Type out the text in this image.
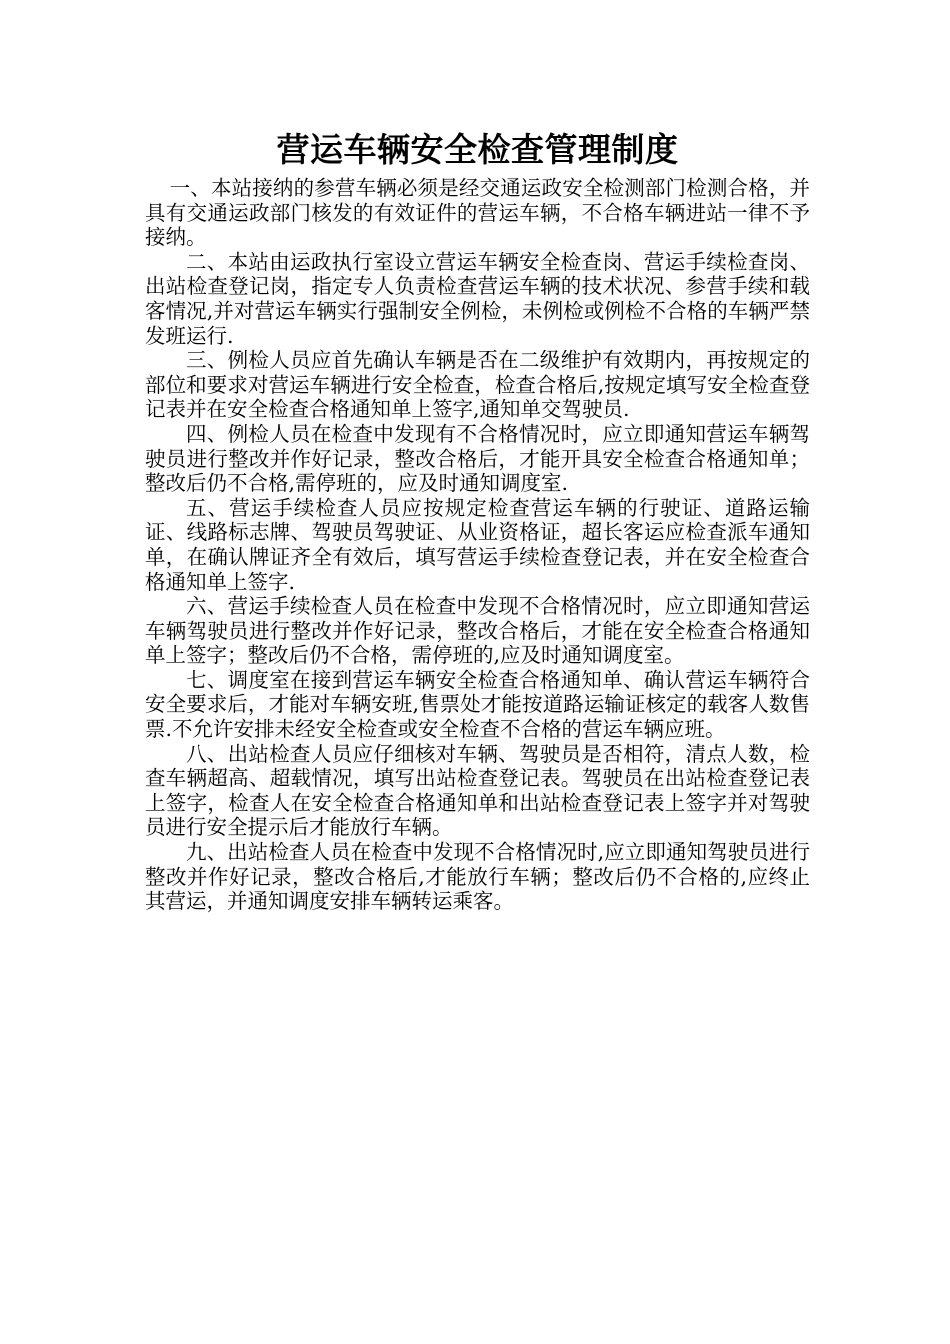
营运车辆安全检查管理制度

一、本站接纳的参营车辆必须是经交通运政安全检测部门检测合格，并具有交通运政部门核发的有效证件的营运车辆，不合格车辆进站一律不予接纳。

二、本站由运政执行室设立营运车辆安全检查岗、营运手续检查岗、出站检查登记岗，指定专人负责检查营运车辆的技术状况、参营手续和载客情况,并对营运车辆实行强制安全例检，未例检或例检不合格的车辆严禁发班运行.

三、例检人员应首先确认车辆是否在二级维护有效期内，再按规定的部位和要求对营运车辆进行安全检查，检查合格后,按规定填写安全检查登记表并在安全检查合格通知单上签字,通知单交驾驶员.

四、例检人员在检查中发现有不合格情况时，应立即通知营运车辆驾驶员进行整改并作好记录，整改合格后，才能开具安全检查合格通知单；整改后仍不合格,需停班的，应及时通知调度室.

五、营运手续检查人员应按规定检查营运车辆的行驶证、道路运输证、线路标志牌、驾驶员驾驶证、从业资格证，超长客运应检查派车通知单，在确认牌证齐全有效后，填写营运手续检查登记表，并在安全检查合格通知单上签字.

六、营运手续检查人员在检查中发现不合格情况时，应立即通知营运车辆驾驶员进行整改并作好记录，整改合格后，才能在安全检查合格通知单上签字；整改后仍不合格，需停班的,应及时通知调度室。

七、调度室在接到营运车辆安全检查合格通知单、确认营运车辆符合安全要求后，才能对车辆安班,售票处才能按道路运输证核定的载客人数售票.不允许安排未经安全检查或安全检查不合格的营运车辆应班。

八、出站检查人员应仔细核对车辆、驾驶员是否相符，清点人数，检查车辆超高、超载情况，填写出站检查登记表。驾驶员在出站检查登记表上签字，检查人在安全检查合格通知单和出站检查登记表上签字并对驾驶员进行安全提示后才能放行车辆。

九、出站检查人员在检查中发现不合格情况时,应立即通知驾驶员进行整改并作好记录，整改合格后,才能放行车辆；整改后仍不合格的,应终止其营运，并通知调度安排车辆转运乘客。
